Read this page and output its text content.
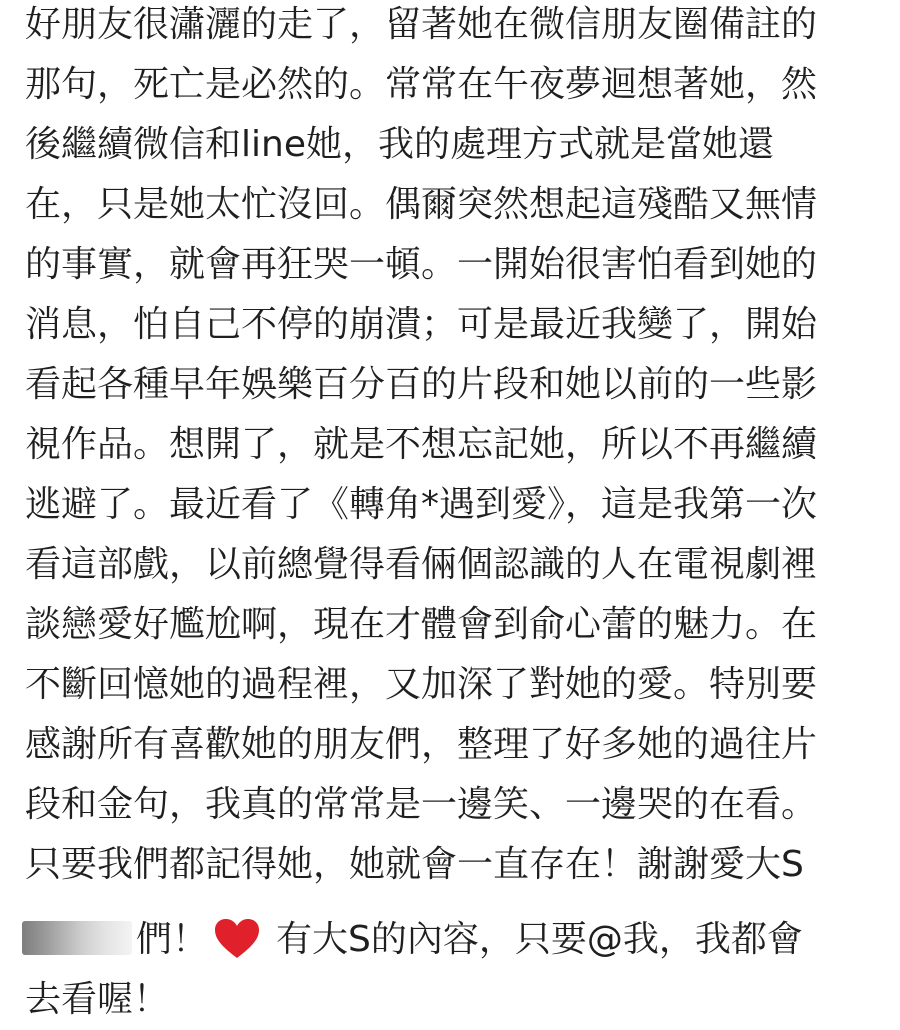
好朋友很瀟灑的走了，留著她在微信朋友圈備註的
那句，死亡是必然的。常常在午夜夢迴想著她，然
後繼續微信和line她，我的處理方式就是當她還
在，只是她太忙沒回。偶爾突然想起這殘酷又無情
的事實，就會再狂哭一頓。一開始很害怕看到她的
消息，怕自己不停的崩潰；可是最近我變了，開始
看起各種早年娛樂百分百的片段和她以前的一些影
視作品。想開了，就是不想忘記她，所以不再繼續
逃避了。最近看了《轉角*遇到愛》，這是我第一次
看這部戲，以前總覺得看倆個認識的人在電視劇裡
談戀愛好尷尬啊，現在才體會到俞心蕾的魅力。在
不斷回憶她的過程裡，又加深了對她的愛。特別要
感謝所有喜歡她的朋友們，整理了好多她的過往片
段和金句，我真的常常是一邊笑、一邊哭的在看。
只要我們都記得她，她就會一直存在！謝謝愛大S
們！ 有大S的內容，只要@我，我都會
去看喔！
